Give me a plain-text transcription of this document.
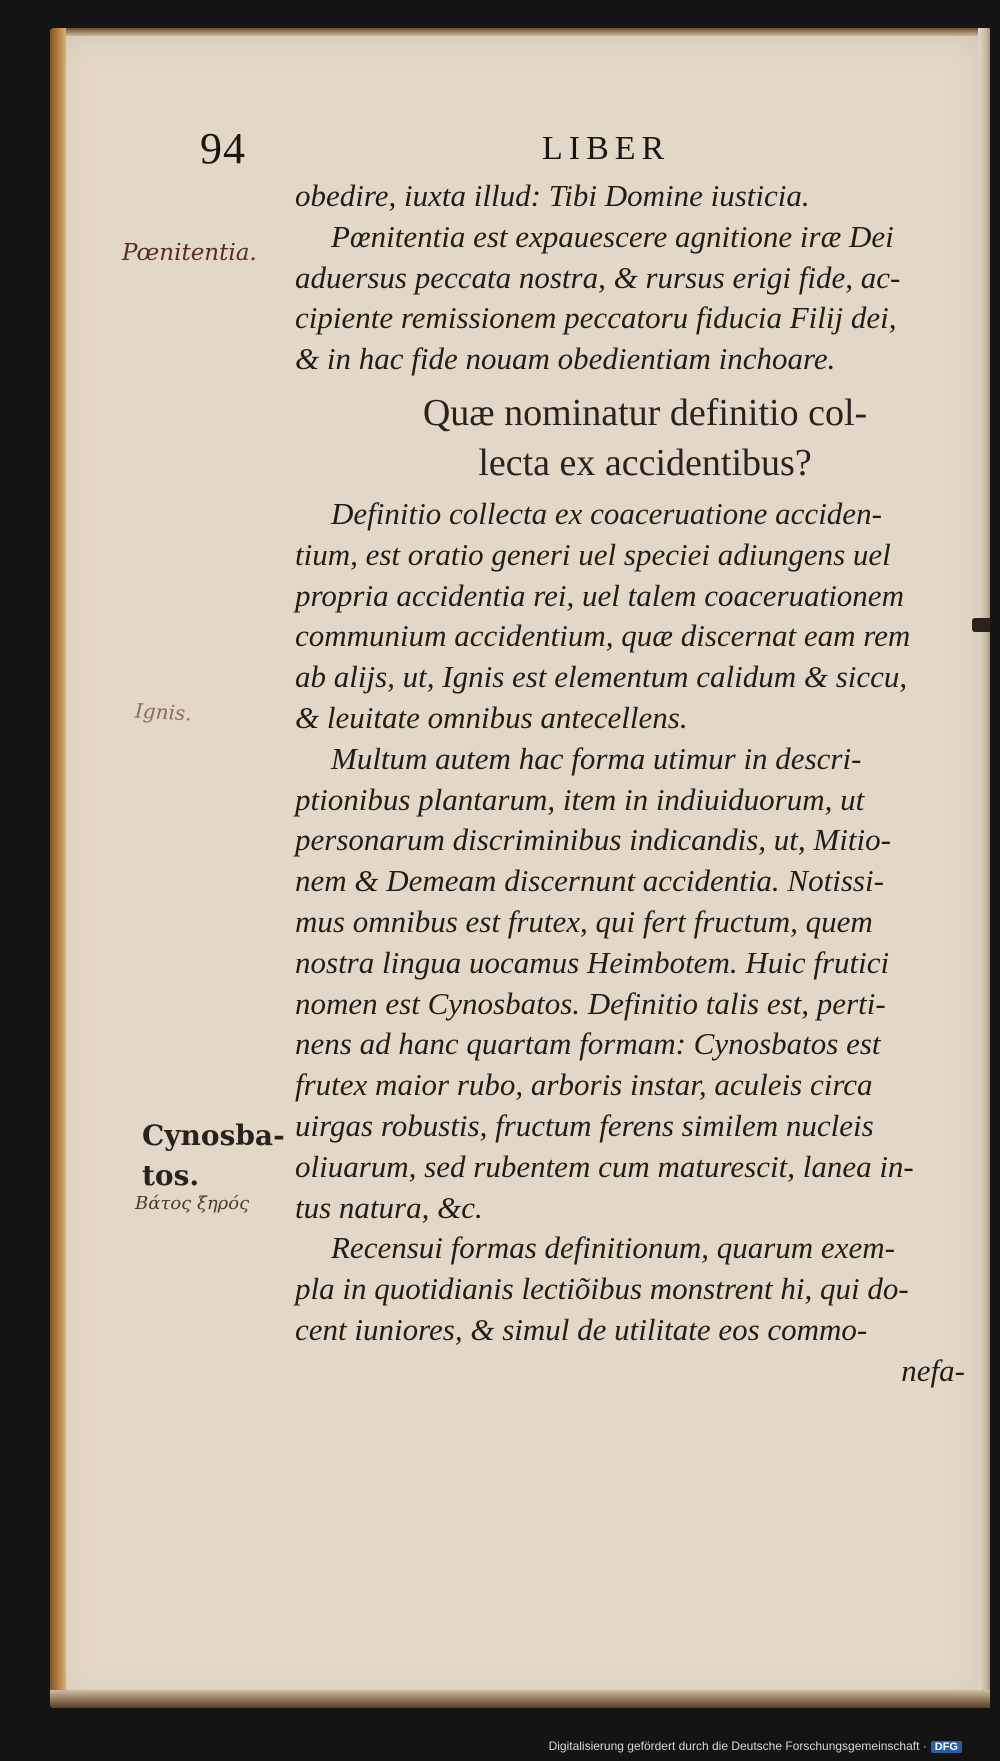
94	LIBER
Pœnitentia.
Ignis.
Cynosba-
tos.
Βάτος ξηρός
obedire, iuxta illud: Tibi Domine iusticia.
Pœnitentia est expauescere agnitione iræ Dei
aduersus peccata nostra, & rursus erigi fide, ac-
cipiente remissionem peccatoru fiducia Filij dei,
& in hac fide nouam obedientiam inchoare.
Quæ nominatur definitio col-
lecta ex accidentibus?
Definitio collecta ex coaceruatione acciden-
tium, est oratio generi uel speciei adiungens uel
propria accidentia rei, uel talem coaceruationem
communium accidentium, quæ discernat eam rem
ab alijs, ut, Ignis est elementum calidum & siccu,
& leuitate omnibus antecellens.
Multum autem hac forma utimur in descri-
ptionibus plantarum, item in indiuiduorum, ut
personarum discriminibus indicandis, ut, Mitio-
nem & Demeam discernunt accidentia. Notissi-
mus omnibus est frutex, qui fert fructum, quem
nostra lingua uocamus Heimbotem. Huic frutici
nomen est Cynosbatos. Definitio talis est, perti-
nens ad hanc quartam formam: Cynosbatos est
frutex maior rubo, arboris instar, aculeis circa
uirgas robustis, fructum ferens similem nucleis
oliuarum, sed rubentem cum maturescit, lanea in-
tus natura, &c.
Recensui formas definitionum, quarum exem-
pla in quotidianis lectiõibus monstrent hi, qui do-
cent iuniores, & simul de utilitate eos commo-
nefa-
Digitalisierung gefördert durch die Deutsche Forschungsgemeinschaft · DFG
